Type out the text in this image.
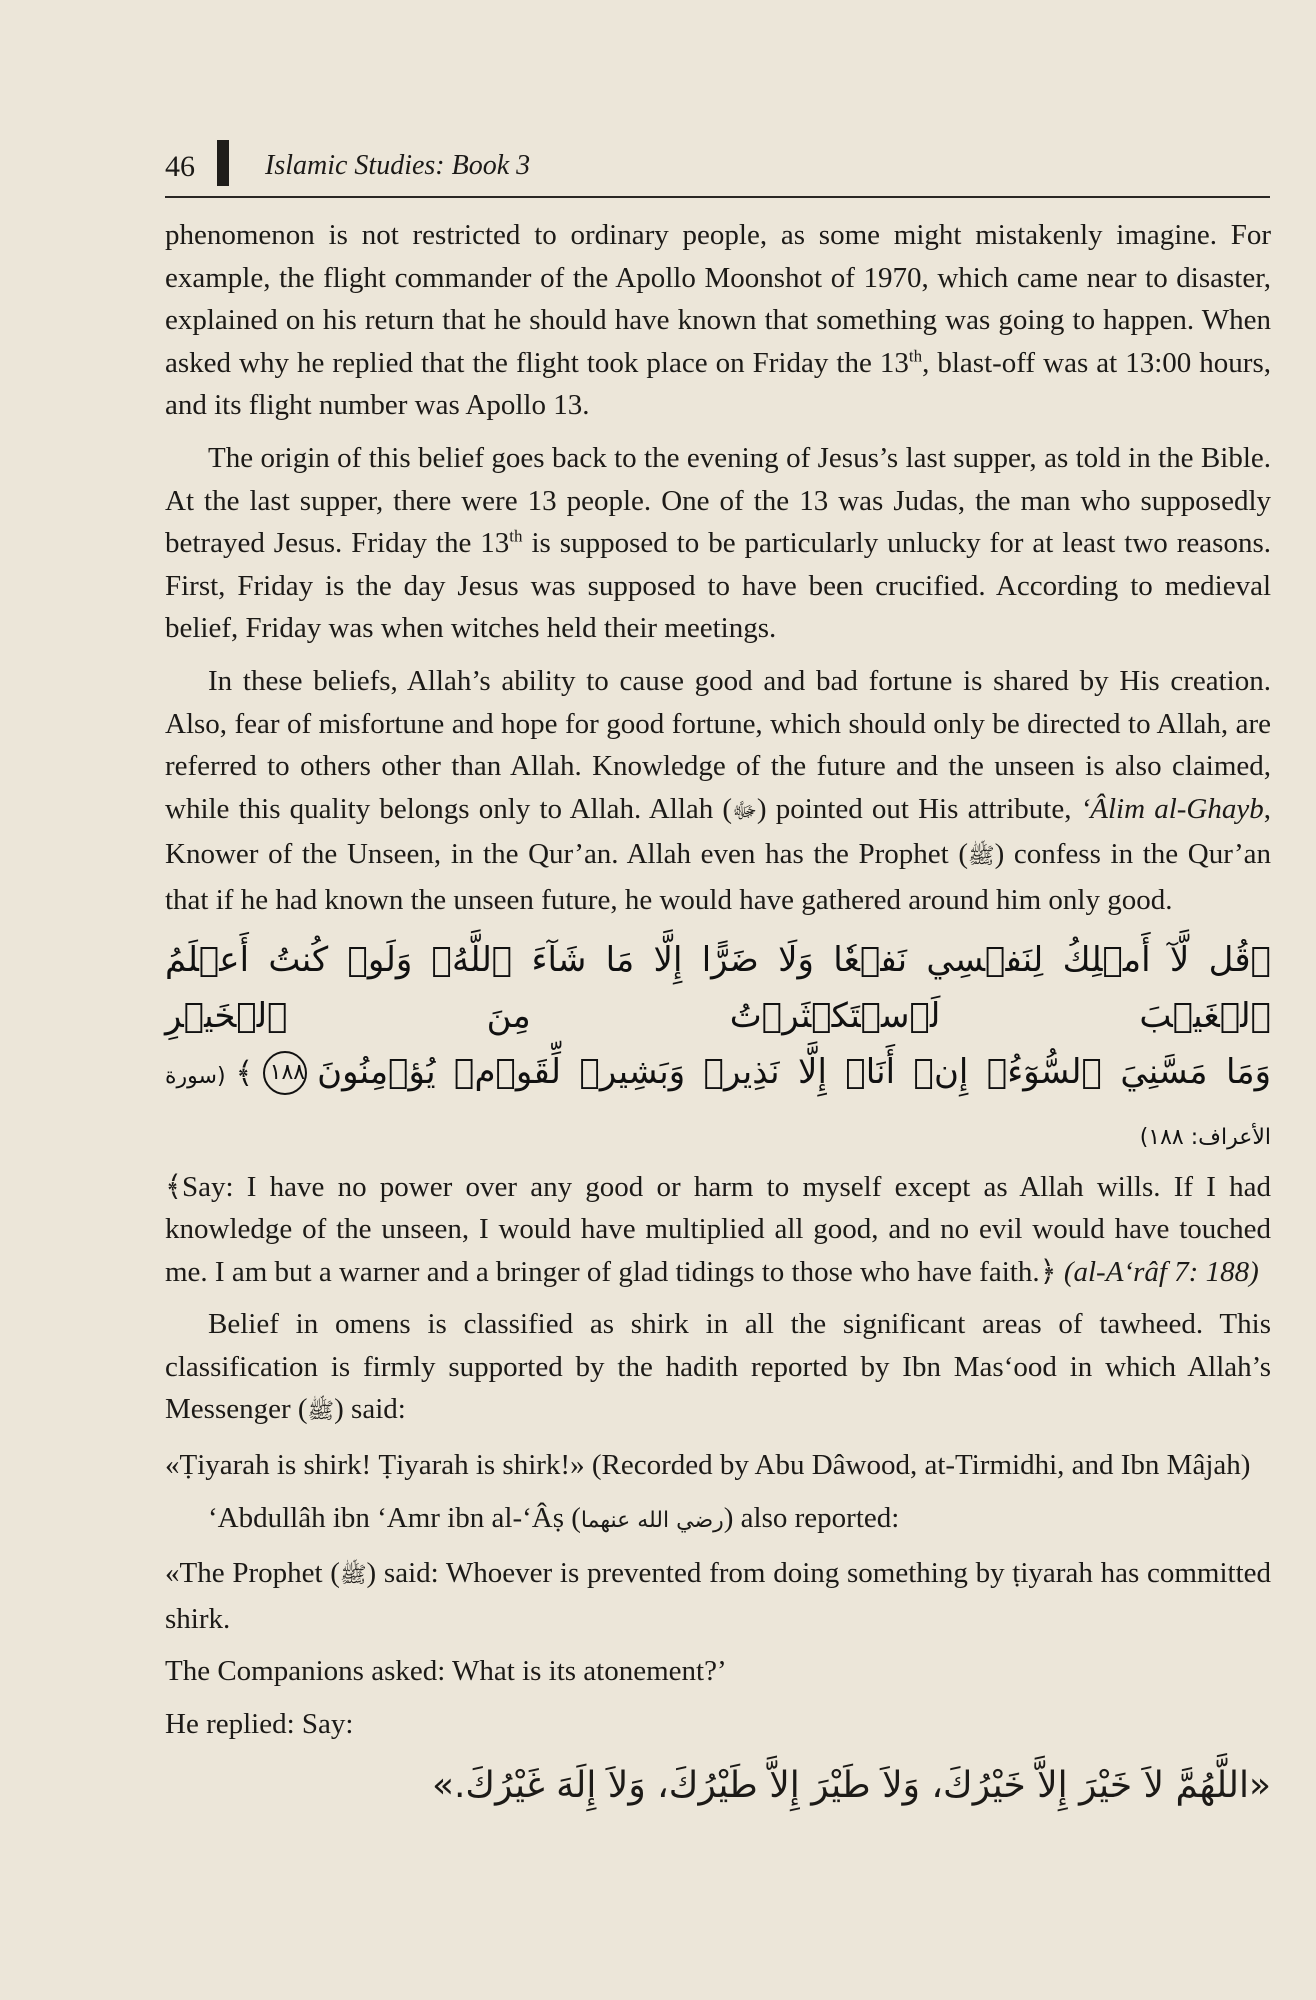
46	Islamic Studies: Book 3

phenomenon is not restricted to ordinary people, as some might mistakenly imagine. For example, the flight commander of the Apollo Moonshot of 1970, which came near to disaster, explained on his return that he should have known that something was going to happen. When asked why he replied that the flight took place on Friday the 13th, blast-off was at 13:00 hours, and its flight number was Apollo 13.

The origin of this belief goes back to the evening of Jesus’s last supper, as told in the Bible. At the last supper, there were 13 people. One of the 13 was Judas, the man who supposedly betrayed Jesus. Friday the 13th is supposed to be particularly unlucky for at least two reasons. First, Friday is the day Jesus was supposed to have been crucified. According to medieval belief, Friday was when witches held their meetings.

In these beliefs, Allah’s ability to cause good and bad fortune is shared by His creation. Also, fear of misfortune and hope for good fortune, which should only be directed to Allah, are referred to others other than Allah. Knowledge of the future and the unseen is also claimed, while this quality belongs only to Allah. Allah (ﷻ) pointed out His attribute, ‘Âlim al-Ghayb, Knower of the Unseen, in the Qur’an. Allah even has the Prophet (ﷺ) confess in the Qur’an that if he had known the unseen future, he would have gathered around him only good.

﴿قُل لَّآ أَمۡلِكُ لِنَفۡسِي نَفۡعٗا وَلَا ضَرًّا إِلَّا مَا شَآءَ ٱللَّهُۚ وَلَوۡ كُنتُ أَعۡلَمُ ٱلۡغَيۡبَ لَٱسۡتَكۡثَرۡتُ مِنَ ٱلۡخَيۡرِ

وَمَا مَسَّنِيَ ٱلسُّوٓءُۚ إِنۡ أَنَا۠ إِلَّا نَذِيرٞ وَبَشِيرٞ لِّقَوۡمٖ يُؤۡمِنُونَ١٨٨﴾(سورة الأعراف: ١٨٨)

﴾Say: I have no power over any good or harm to myself except as Allah wills. If I had knowledge of the unseen, I would have multiplied all good, and no evil would have touched me. I am but a warner and a bringer of glad tidings to those who have faith.﴿ (al-A‘râf 7: 188)

Belief in omens is classified as shirk in all the significant areas of tawheed. This classification is firmly supported by the hadith reported by Ibn Mas‘ood in which Allah’s Messenger (ﷺ) said:

«Ṭiyarah is shirk! Ṭiyarah is shirk!» (Recorded by Abu Dâwood, at-Tirmidhi, and Ibn Mâjah)

‘Abdullâh ibn ‘Amr ibn al-‘Âṣ (رضي الله عنهما) also reported:

«The Prophet (ﷺ) said: Whoever is prevented from doing something by ṭiyarah has committed shirk.

The Companions asked: What is its atonement?’

He replied: Say:

«اللَّهُمَّ لاَ خَيْرَ إِلاَّ خَيْرُكَ، وَلاَ طَيْرَ إِلاَّ طَيْرُكَ، وَلاَ إِلَهَ غَيْرُكَ.»
